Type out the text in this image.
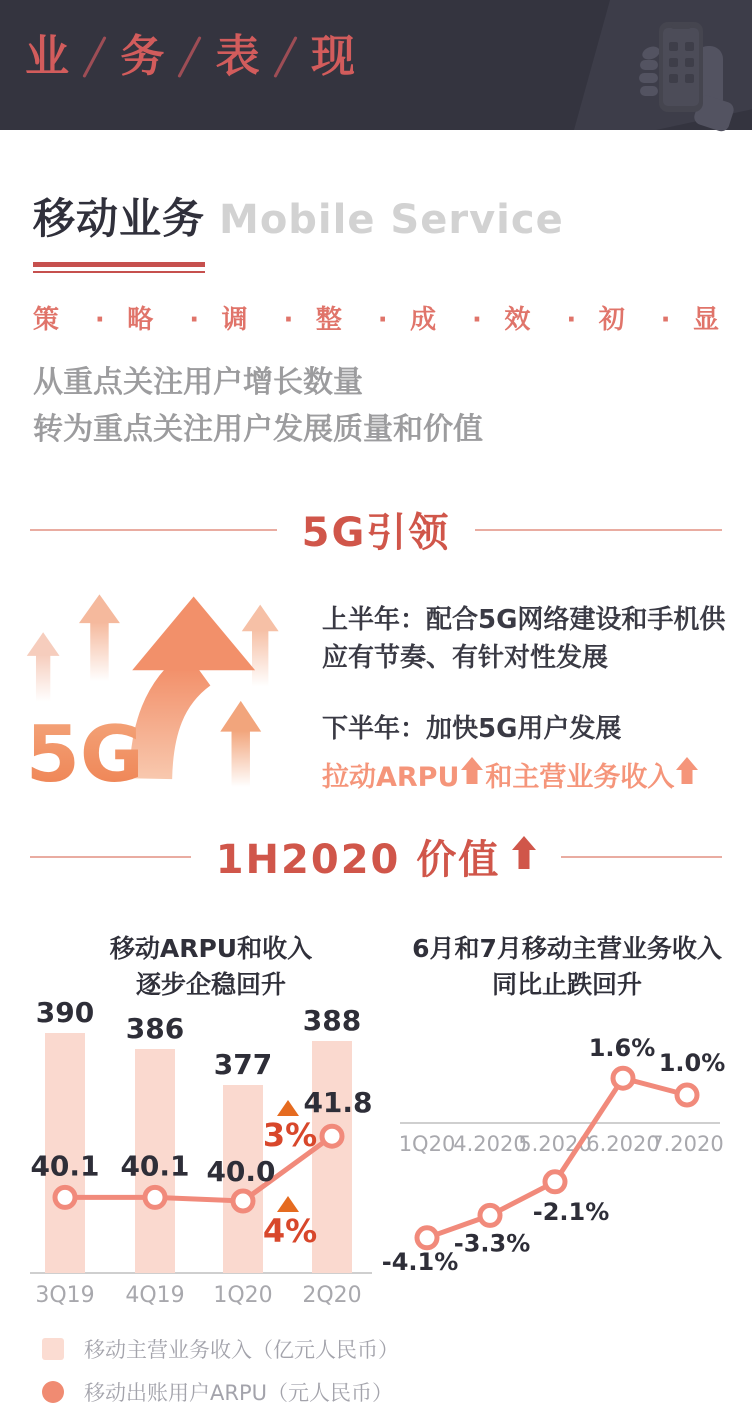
业 务 表 现
移动业务 Mobile Service
策 · 略 · 调 · 整 · 成 · 效 · 初 · 显
从重点关注用户增长数量
转为重点关注用户发展质量和价值
5G引领
5G
上半年：配合5G网络建设和手机供应有节奏、有针对性发展
下半年：加快5G用户发展
拉动ARPU 和主营业务收入
1H2020 价值
移动ARPU和收入
逐步企稳回升
6月和7月移动主营业务收入
同比止跌回升
390 386
377
388
3Q19 4Q19 1Q20 2Q20
40.1 40.1 40.0
41.8
3%
4%
1Q20
4.2020
5.2020
6.2020
7.2020
-4.1%
-3.3%
-2.1%
1.6%
1.0%
移动主营业务收入（亿元人民币）
移动出账用户ARPU（元人民币）
